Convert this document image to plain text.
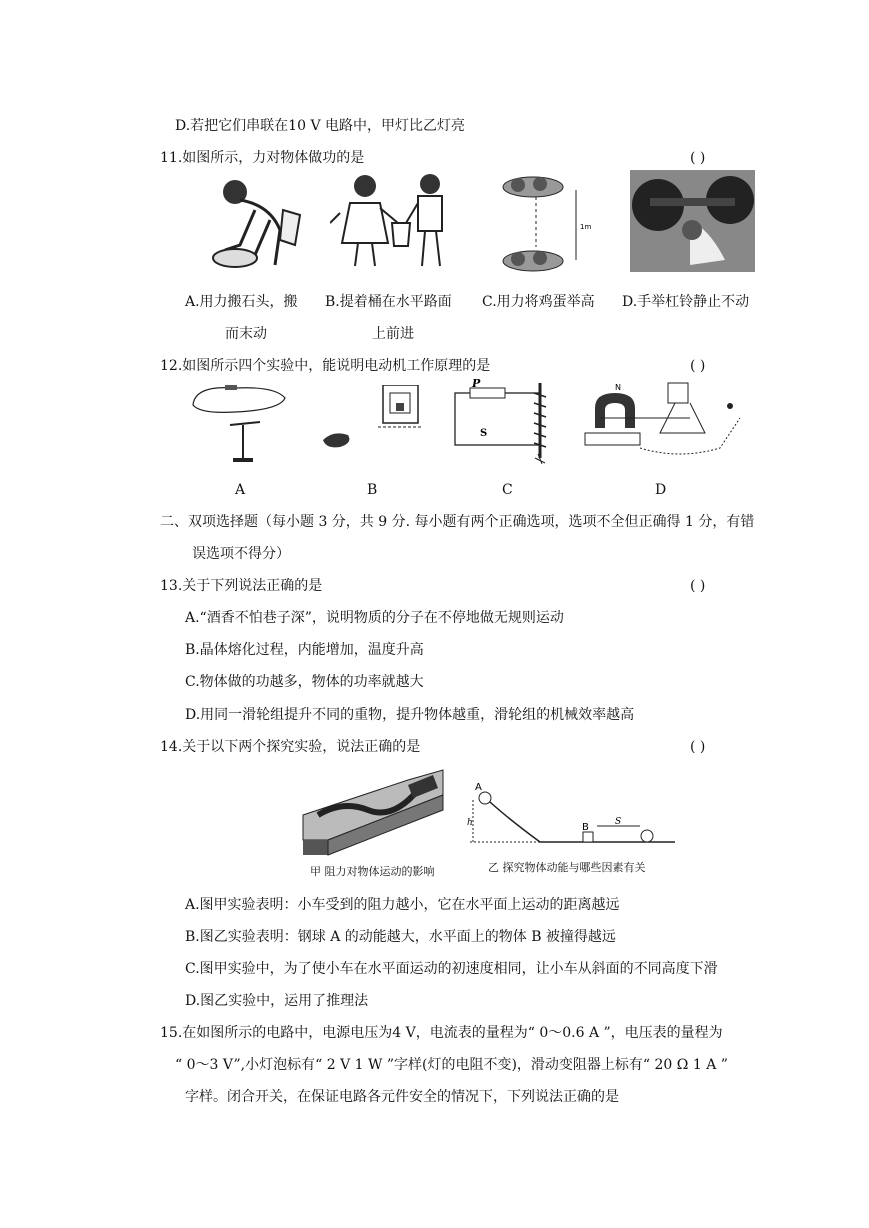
D.若把它们串联在10 V 电路中，甲灯比乙灯亮
11.如图所示，力对物体做功的是	( )
1m
A.用力搬石头，搬 B.提着桶在水平路面 C.用力将鸡蛋举高 D.手举杠铃静止不动
而末动	上前进
12.如图所示四个实验中，能说明电动机工作原理的是	( )
P
S
N
A	B	C	D
二、双项选择题（每小题 3 分，共 9 分. 每小题有两个正确选项，选项不全但正确得 1 分，有错
误选项不得分）
13.关于下列说法正确的是	( )
A.“酒香不怕巷子深”，说明物质的分子在不停地做无规则运动
B.晶体熔化过程，内能增加，温度升高
C.物体做的功越多，物体的功率就越大
D.用同一滑轮组提升不同的重物，提升物体越重，滑轮组的机械效率越高
14.关于以下两个探究实验，说法正确的是	( )
甲 阻力对物体运动的影响
A
h	B	S
乙 探究物体动能与哪些因素有关
A.图甲实验表明：小车受到的阻力越小，它在水平面上运动的距离越远
B.图乙实验表明：钢球 A 的动能越大，水平面上的物体 B 被撞得越远
C.图甲实验中，为了使小车在水平面运动的初速度相同，让小车从斜面的不同高度下滑
D.图乙实验中，运用了推理法
15.在如图所示的电路中，电源电压为4 V，电流表的量程为“ 0～0.6 A ”，电压表的量程为
“ 0～3 V”,小灯泡标有“ 2 V 1 W ”字样(灯的电阻不变)，滑动变阻器上标有“ 20 Ω 1 A ”
字样。闭合开关，在保证电路各元件安全的情况下，下列说法正确的是
